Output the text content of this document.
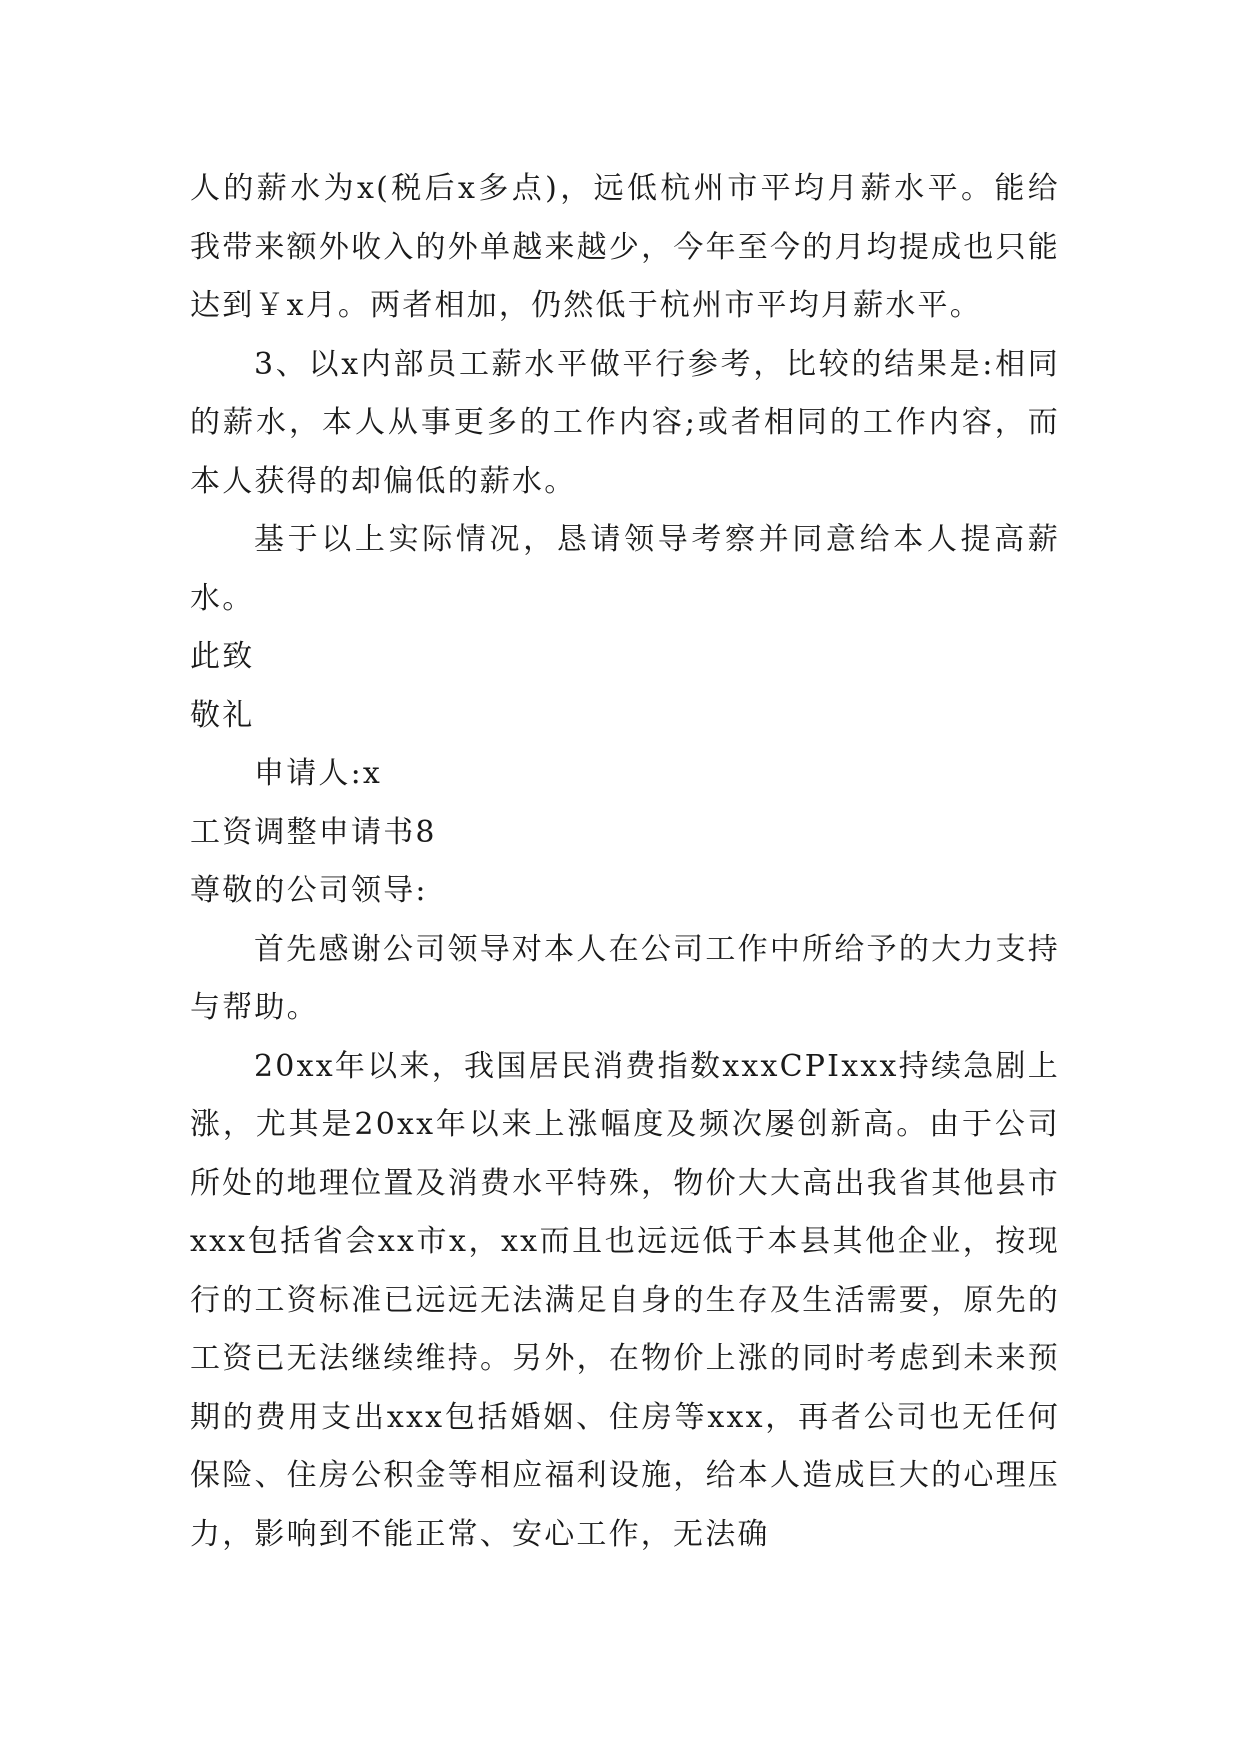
人的薪水为x(税后x多点)，远低杭州市平均月薪水平。能给我带来额外收入的外单越来越少，今年至今的月均提成也只能达到￥x月。两者相加，仍然低于杭州市平均月薪水平。

3、以x内部员工薪水平做平行参考，比较的结果是:相同的薪水，本人从事更多的工作内容;或者相同的工作内容，而本人获得的却偏低的薪水。

基于以上实际情况，恳请领导考察并同意给本人提高薪水。

此致

敬礼

申请人:x

工资调整申请书8

尊敬的公司领导:

首先感谢公司领导对本人在公司工作中所给予的大力支持与帮助。

20xx年以来，我国居民消费指数xxxCPIxxx持续急剧上涨，尤其是20xx年以来上涨幅度及频次屡创新高。由于公司所处的地理位置及消费水平特殊，物价大大高出我省其他县市xxx包括省会xx市x，xx而且也远远低于本县其他企业，按现行的工资标准已远远无法满足自身的生存及生活需要，原先的工资已无法继续维持。另外，在物价上涨的同时考虑到未来预期的费用支出xxx包括婚姻、住房等xxx，再者公司也无任何保险、住房公积金等相应福利设施，给本人造成巨大的心理压力，影响到不能正常、安心工作，无法确
